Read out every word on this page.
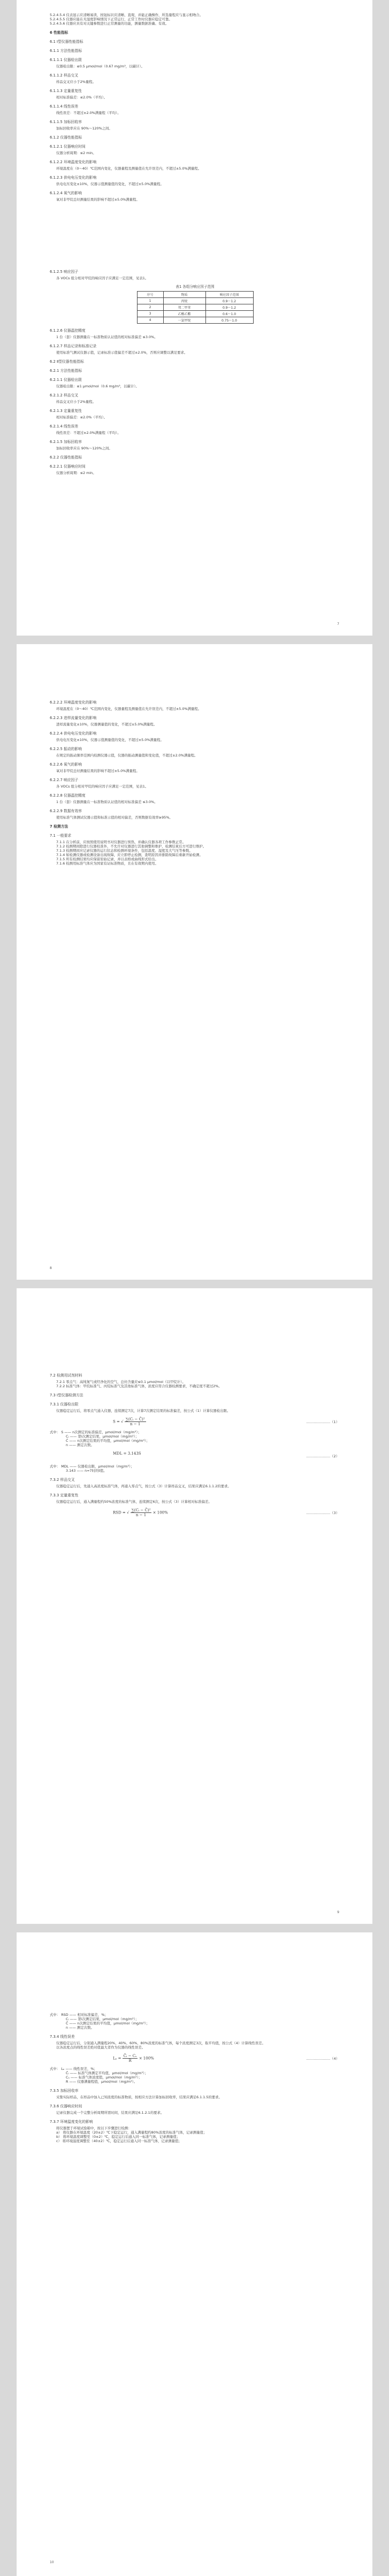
5.2.4.5.4 仪表显示应清晰易读，按钮标识应清晰、直观，并能正确操作，所选量程应与显示相吻合。

5.2.4.5.5 仪器应能在无湿度影响情况下正常运行，正常工作时仪器应稳定可靠。

5.2.4.5.6 仪器应具有对关键参数进行正常测量的功能，测量数据准确、有效。

6 性能指标

6.1 Ⅰ型仪器性能指标

6.1.1 方法性能指标

6.1.1.1 仪器检出限

仪器检出限：≤0.5 μmol/mol（0.67 mg/m³，以碳计）。

6.1.1.2 样品交叉

样品交叉应小于2%量程。

6.1.1.3 定量重复性

相对标准偏差：≤2.0%（平均）。

6.1.1.4 线性误差

线性误差：不超过±2.0%满量程（平均）。

6.1.1.5 加标回收率

加标回收率应在 90%～120%之间。

6.1.2 仪器性能指标

6.1.2.1 仪器响应时间

仪器分析周期：≤2 min。

6.1.2.2 环境温度变化的影响

环境温度在（0～40）℃范围内变化，仪器量程及测量值在允许误差内，不超过±5.0%满量程。

6.1.2.3 供电电压变化的影响

供电电压变化±10%，仪器示值测量值的变化，不超过±5.0%满量程。

6.1.2.4 氧气的影响

氧对非甲烷总烃测量结果的影响不超过±5.0%满量程。

6.1.2.5 响应因子

各 VOCs 组分相对甲烷的响应因子应满足一定范围，见表1。

表1 各组分响应因子范围

序号	物质	响应因子范围
1	丙烷	0.9～1.2
2	邻二甲苯	0.9～1.2
3	乙酸乙酯	0.6～1.0
4	一氯甲烷	0.75～1.0

6.1.2.6 仪器温控精度

1 台（套）仪器测量在一标准物质认证值的相对标准偏差 ≤3.0%。

6.1.2.7 样品记录和标准记录

使用标准气测试仪器示值，记录标准示值偏差不超过±2.0%，否则应调整以满足要求。

6.2 Ⅱ型仪器性能指标

6.2.1 方法性能指标

6.2.1.1 仪器检出限

仪器检出限：≤1 μmol/mol（0.6 mg/m³，以碳计）。

6.2.1.2 样品交叉

样品交叉应小于2%量程。

6.2.1.3 定量重复性

相对标准偏差：≤2.0%（平均）。

6.2.1.4 线性误差

线性误差：不超过±2.0%满量程（平均）。

6.2.1.5 加标回收率

加标回收率应在 90%～120%之间。

6.2.2 仪器性能指标

6.2.2.1 仪器响应时间

仪器分析周期：≤2 min。

7

6.2.2.2 环境温度变化的影响

环境温度在（0～40）℃范围内变化，仪器量程及测量值在允许误差内，不超过±5.0%满量程。

6.2.2.3 进样流量变化的影响

进样流量变化±10%，仪器测量值的变化，不超过±5.0%满量程。

6.2.2.4 供电电压变化的影响

供电电压变化±10%，仪器示值测量值的变化，不超过±5.0%满量程。

6.2.2.5 振动的影响

在规定的振动频率范围内检测仪器示值，仪器的振动测量值和变化值，不超过±2.0%满量程。

6.2.2.6 氧气的影响

氧对非甲烷总烃测量结果的影响不超过±5.0%满量程。

6.2.2.7 响应因子

各 VOCs 组分相对甲烷的响应因子应满足一定范围，见表1。

6.2.2.8 仪器温控精度

1 台（套）仪器测量在一标准物质认证值的相对标准偏差 ≤3.0%。

6.2.2.9 数据有效率

使用标准气体测试仪器示值和标准示值的相对偏差，否则数据有效率≥95%。

7 检测方法

7.1 一般要求

7.1.1 在分析前，应按照使用说明书对仪器进行预热，并确认仪器各项工作参数正常。

7.1.2 检测期间除进行仪器校准外，不允许对仪器进行其他调整和维护，检测结束后方可进行维护。

7.1.3 检测期间应记录仪器的运行状态和检测环境条件，包括温度、湿度及大气压等参数。

7.1.4 如检测仪器或检测设备出现故障，应立即停止检测，查明原因并排除故障后重新开始检测。

7.1.5 所有检测结果均应保留原始记录，并以表格或曲线形式给出。

7.1.6 检测用标准气体应为国家有证标准物质，且在有效期内使用。

8

7.2 检测用试剂材料

7.2.1 零点气：高纯氮气或经净化的空气，总烃含量应≤0.1 μmol/mol（以甲烷计）。

7.2.2 标准气体：甲烷标准气、丙烷标准气及其他标准气体，浓度应符合仪器检测要求，不确定度不超过2%。

7.3 Ⅰ型仪器检测方法

7.3.1 仪器检出限

仪器稳定运行后，将零点气通入仪器，连续测定7次，计算7次测定结果的标准偏差，按公式（1）计算仪器检出限。

S = √ $\frac{\text{∑(Cᵢ − C̄)²}}{n - 1}$	…………………（1）

式中： S —— n次测定的标准偏差，μmol/mol（mg/m³）；

Cᵢ —— 第i次测定结果，μmol/mol（mg/m³）；

C̄ —— n次测定结果的平均值，μmol/mol（mg/m³）；

n —— 测定次数。

MDL = 3.143S
…………………（2）

式中： MDL —— 仪器检出限，μmol/mol（mg/m³）；

3.143 —— n=7时的t值。

7.3.2 样品交叉

仪器稳定运行后，先通入高浓度标准气体，再通入零点气，按公式（3）计算样品交叉，结果应满足6.1.1.2的要求。

7.3.3 定量重复性

仪器稳定运行后，通入满量程约50%浓度的标准气体，连续测定6次，按公式（3）计算相对标准偏差。

RSD = √ $\frac{\text{∑(Cᵢ − C̄)²}}{n - 1} \times 100\%$	…………………（3）
9

式中： RSD —— 相对标准偏差，%；

Cᵢ —— 第i次测定结果，μmol/mol（mg/m³）；

C̄ —— n次测定结果的平均值，μmol/mol（mg/m³）；

n —— 测定次数。

7.3.4 线性误差

仪器稳定运行后，分别通入满量程20%、40%、60%、80%浓度的标准气体，每个浓度测定3次，取平均值，按公式（4）计算线性误差。

以各浓度点的线性误差绝对值最大者作为仪器的线性误差。

$L_e = \frac{\text{C̄ᵢ − Cₛ}}{R} \times 100\%$	…………………（4）

式中： Lₑ —— 线性误差，%；

C̄ᵢ —— 标准气体测定平均值，μmol/mol（mg/m³）；

Cₛ —— 标准气体浓度值，μmol/mol（mg/m³）；

R —— 仪器满量程值，μmol/mol（mg/m³）。

7.3.5 加标回收率

采集实际样品，在样品中加入已知浓度的标准物质，按相应方法计算加标回收率，结果应满足6.1.1.5的要求。

7.3.6 仪器响应时间

记录仪器完成一个完整分析周期所需时间，结果应满足6.1.2.1的要求。

7.3.7 环境温度变化的影响

将仪器置于环境试验箱中，按以下步骤进行检测：

a） 将仪器在环境温度（20±2）℃下稳定运行，通入满量程约80%浓度的标准气体，记录测量值；

b） 将环境温度调整至（0±2）℃，稳定运行后通入同一标准气体，记录测量值；

c） 将环境温度调整至（40±2）℃，稳定运行后通入同一标准气体，记录测量值；

10
